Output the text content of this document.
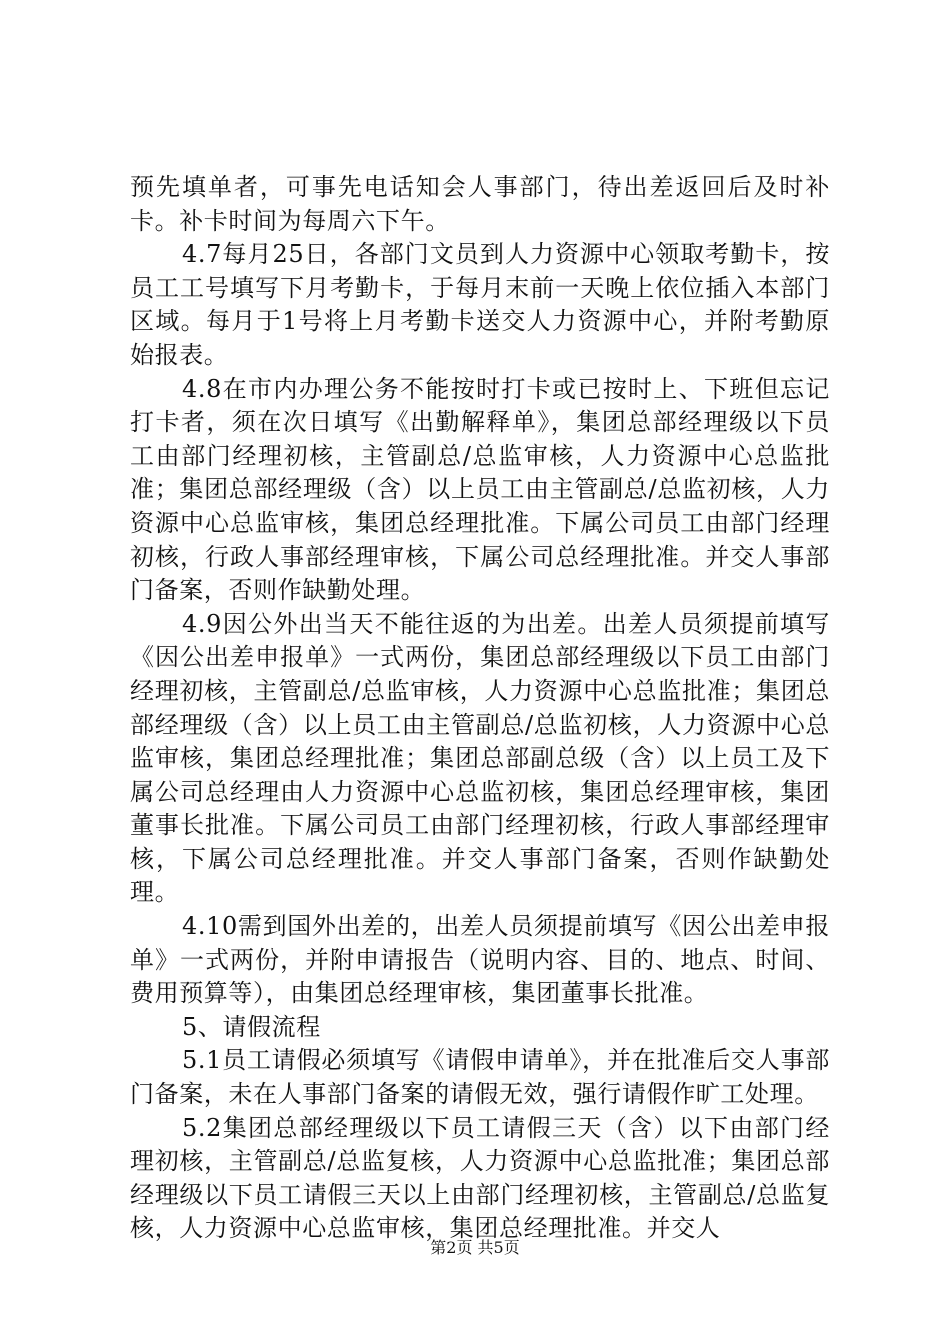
预先填单者，可事先电话知会人事部门，待出差返回后及时补卡。补卡时间为每周六下午。

4.7每月25日，各部门文员到人力资源中心领取考勤卡，按员工工号填写下月考勤卡，于每月末前一天晚上依位插入本部门区域。每月于1号将上月考勤卡送交人力资源中心，并附考勤原始报表。

4.8在市内办理公务不能按时打卡或已按时上、下班但忘记打卡者，须在次日填写《出勤解释单》，集团总部经理级以下员工由部门经理初核，主管副总/总监审核，人力资源中心总监批准；集团总部经理级（含）以上员工由主管副总/总监初核，人力资源中心总监审核，集团总经理批准。下属公司员工由部门经理初核，行政人事部经理审核，下属公司总经理批准。并交人事部门备案，否则作缺勤处理。

4.9因公外出当天不能往返的为出差。出差人员须提前填写《因公出差申报单》一式两份，集团总部经理级以下员工由部门经理初核，主管副总/总监审核，人力资源中心总监批准；集团总部经理级（含）以上员工由主管副总/总监初核，人力资源中心总监审核，集团总经理批准；集团总部副总级（含）以上员工及下属公司总经理由人力资源中心总监初核，集团总经理审核，集团董事长批准。下属公司员工由部门经理初核，行政人事部经理审核，下属公司总经理批准。并交人事部门备案，否则作缺勤处理。

4.10需到国外出差的，出差人员须提前填写《因公出差申报单》一式两份，并附申请报告（说明内容、目的、地点、时间、费用预算等），由集团总经理审核，集团董事长批准。

5、请假流程

5.1员工请假必须填写《请假申请单》，并在批准后交人事部门备案，未在人事部门备案的请假无效，强行请假作旷工处理。

5.2集团总部经理级以下员工请假三天（含）以下由部门经理初核，主管副总/总监复核，人力资源中心总监批准；集团总部经理级以下员工请假三天以上由部门经理初核，主管副总/总监复核，人力资源中心总监审核，集团总经理批准。并交人

第2页 共5页
